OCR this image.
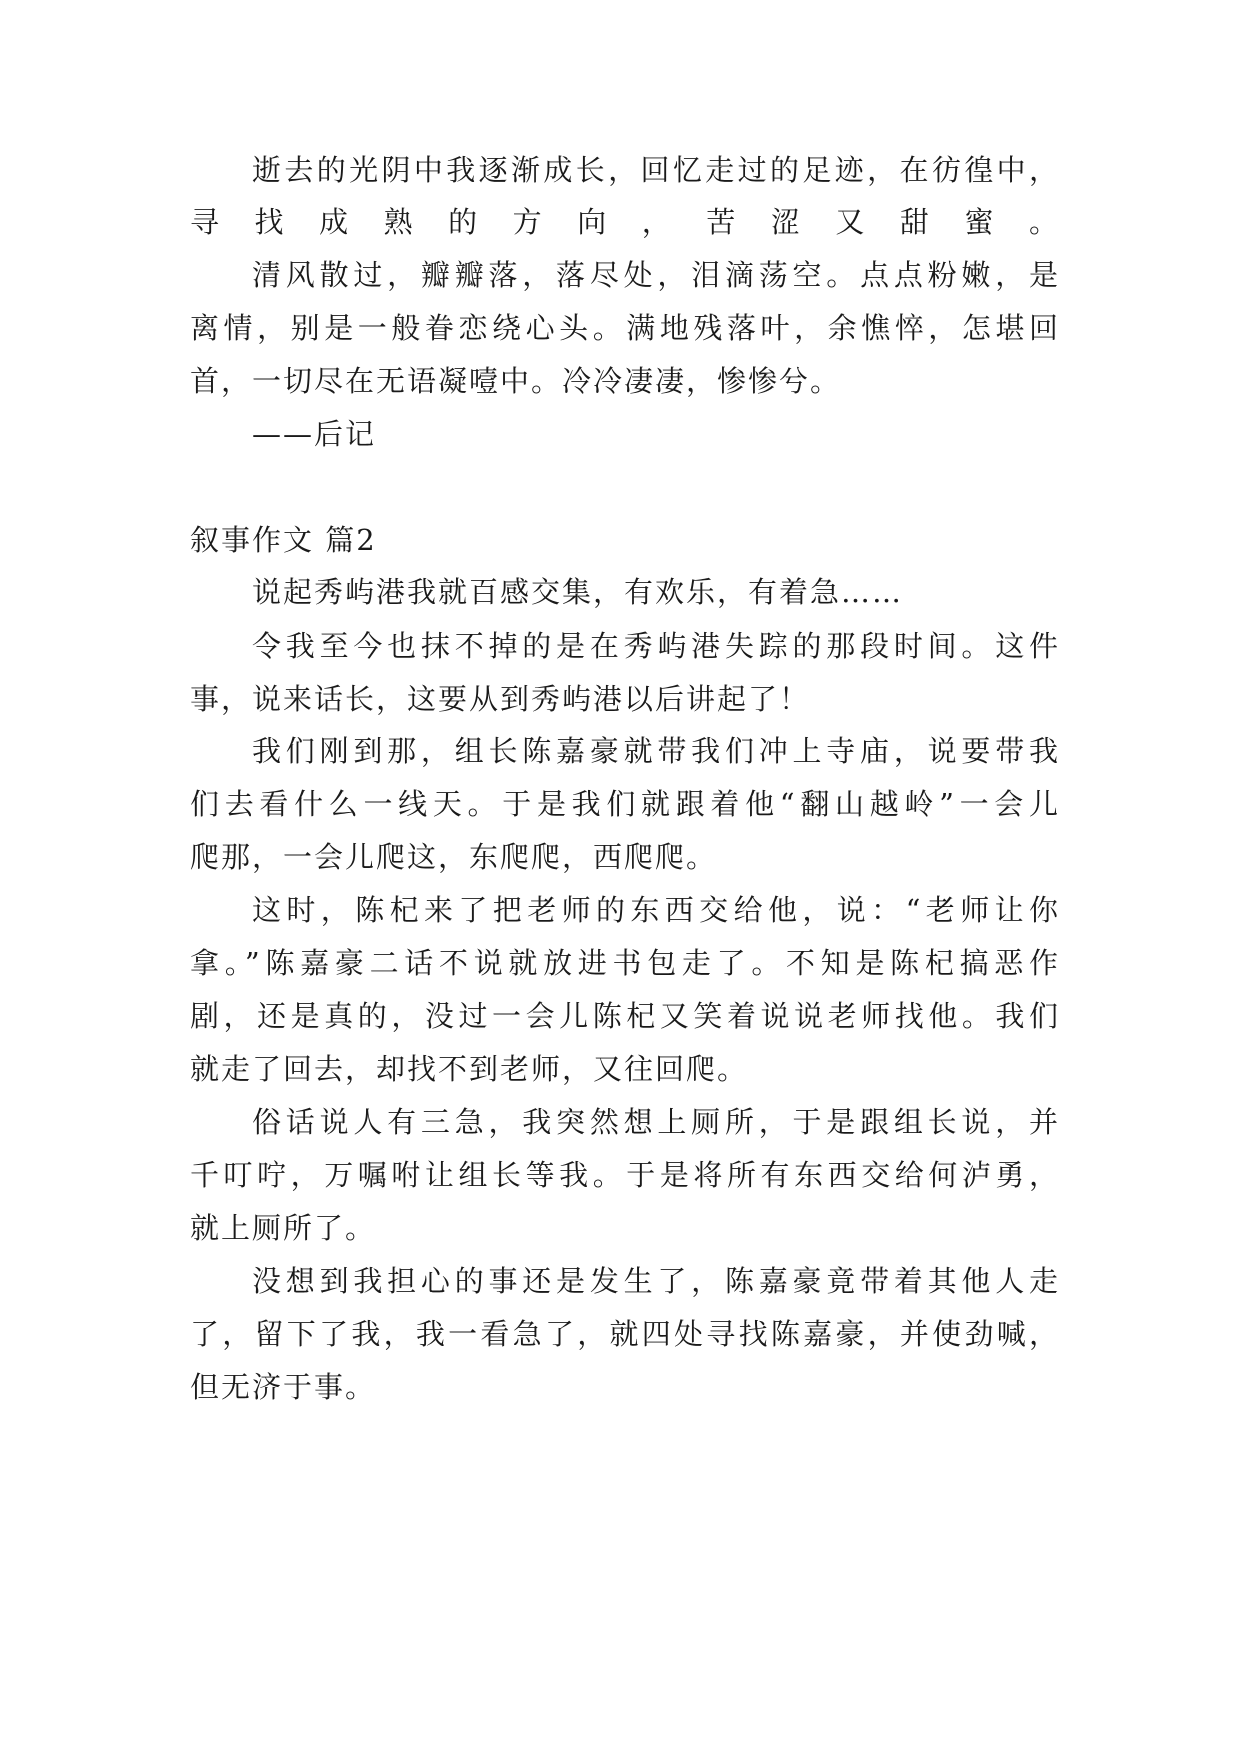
逝去的光阴中我逐渐成长，回忆走过的足迹，在彷徨中，
寻找成熟的方向，苦涩又甜蜜。
清风散过，瓣瓣落，落尽处，泪滴荡空。点点粉嫩，是
离情，别是一般眷恋绕心头。满地残落叶，余憔悴，怎堪回
首，一切尽在无语凝噎中。冷冷凄凄，惨惨兮。
——后记
叙事作文 篇2
说起秀屿港我就百感交集，有欢乐，有着急……
令我至今也抹不掉的是在秀屿港失踪的那段时间。这件
事，说来话长，这要从到秀屿港以后讲起了！
我们刚到那，组长陈嘉豪就带我们冲上寺庙，说要带我
们去看什么一线天。于是我们就跟着他“翻山越岭”一会儿
爬那，一会儿爬这，东爬爬，西爬爬。
这时，陈杞来了把老师的东西交给他，说：“老师让你
拿。”陈嘉豪二话不说就放进书包走了。不知是陈杞搞恶作
剧，还是真的，没过一会儿陈杞又笑着说说老师找他。我们
就走了回去，却找不到老师，又往回爬。
俗话说人有三急，我突然想上厕所，于是跟组长说，并
千叮咛，万嘱咐让组长等我。于是将所有东西交给何泸勇，
就上厕所了。
没想到我担心的事还是发生了，陈嘉豪竟带着其他人走
了，留下了我，我一看急了，就四处寻找陈嘉豪，并使劲喊，
但无济于事。
